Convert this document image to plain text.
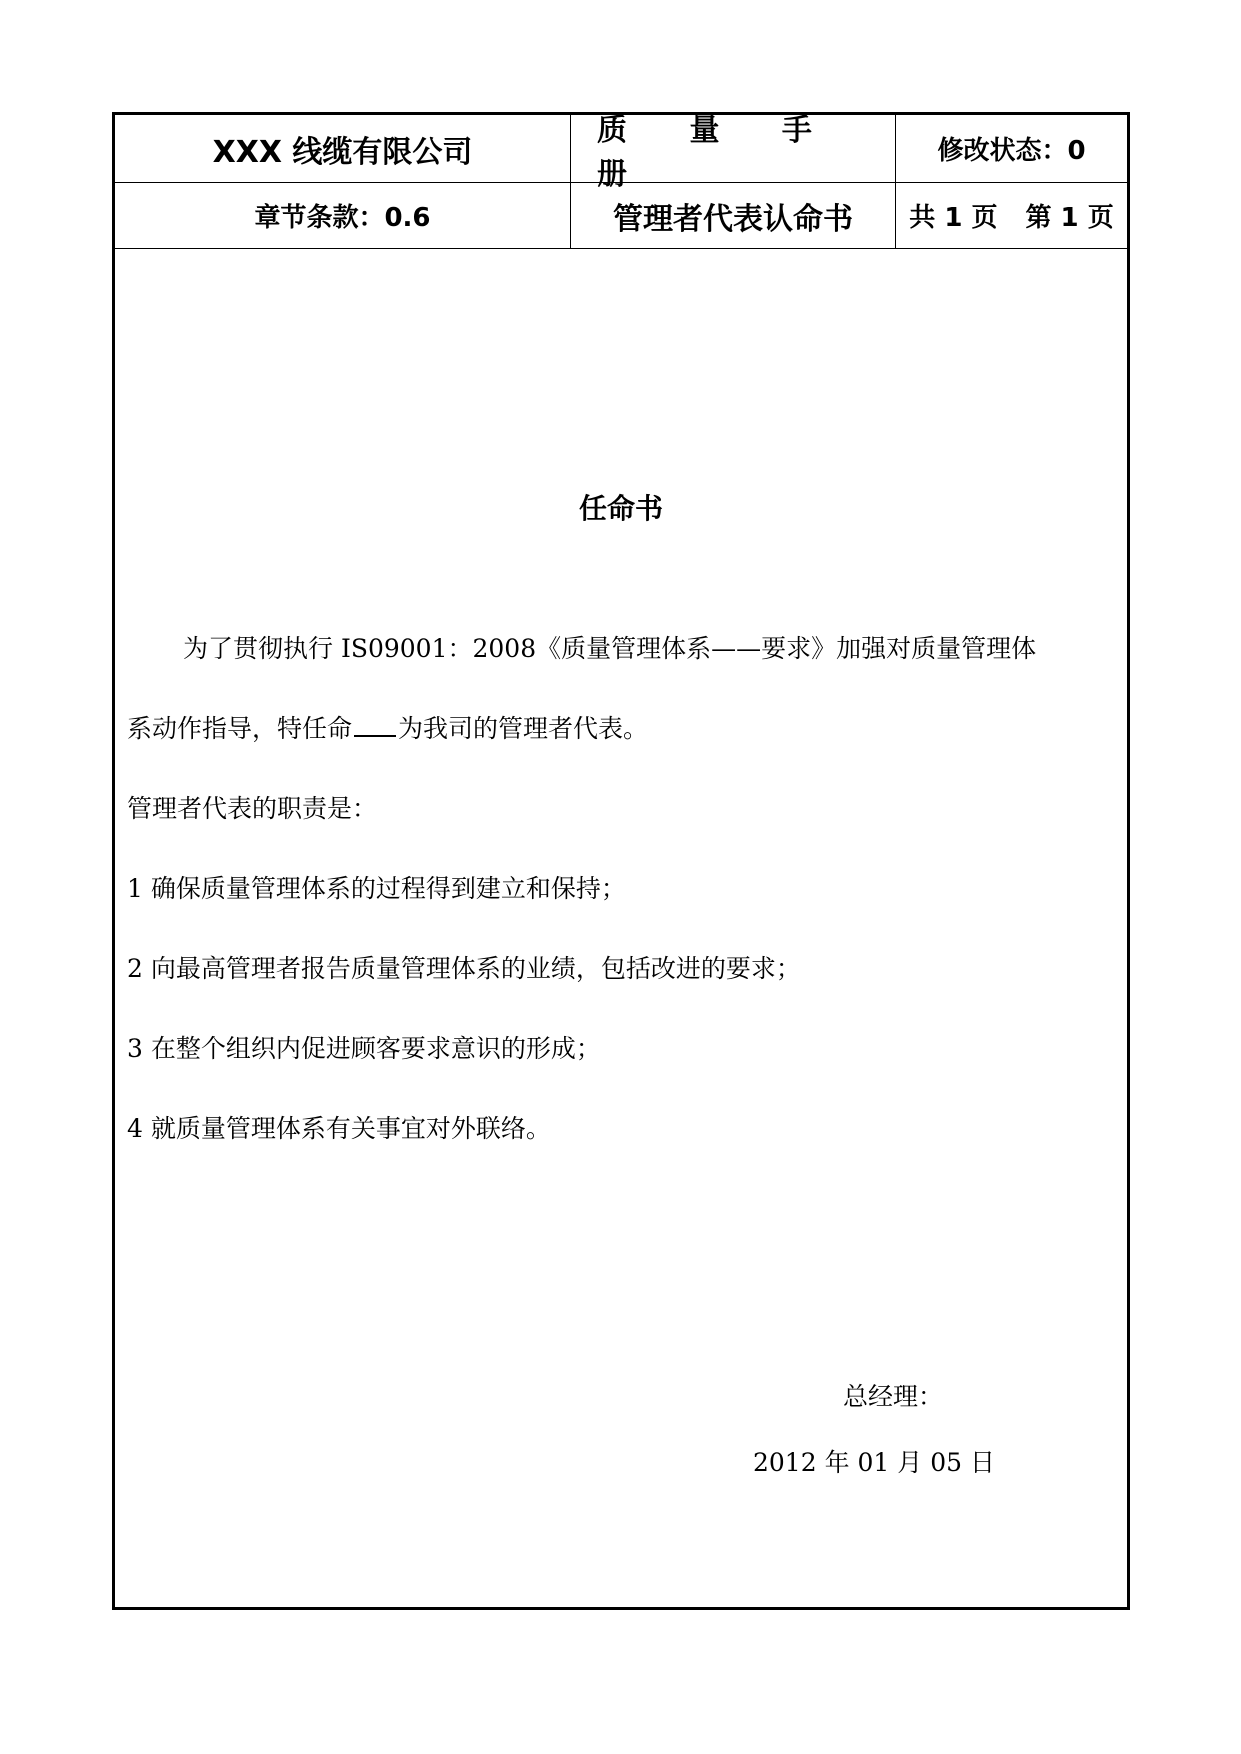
XXX 线缆有限公司
质 量 手 册
修改状态：0
章节条款：0.6	管理者代表认命书	共 1 页 第 1 页
任命书
为了贯彻执行 IS09001：2008《质量管理体系——要求》加强对质量管理体
系动作指导，特任命 为我司的管理者代表。
管理者代表的职责是：
1 确保质量管理体系的过程得到建立和保持；
2 向最高管理者报告质量管理体系的业绩，包括改进的要求；
3 在整个组织内促进顾客要求意识的形成；
4 就质量管理体系有关事宜对外联络。
总经理：
2012 年 01 月 05 日
